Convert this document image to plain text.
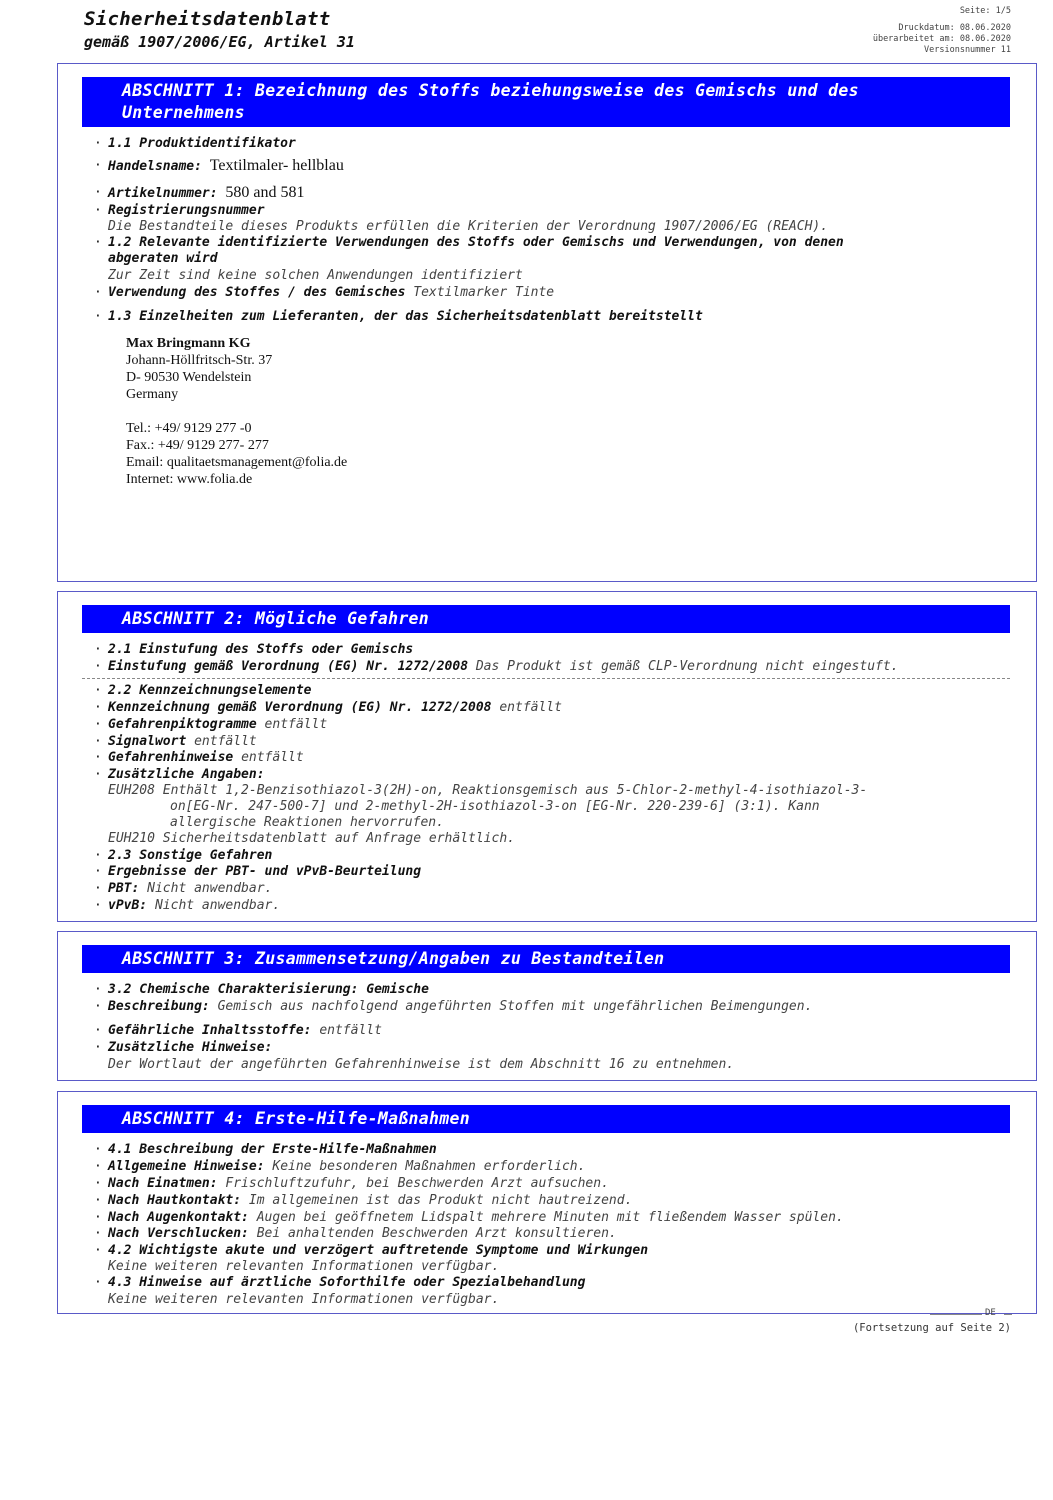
Sicherheitsdatenblatt
gemäß 1907/2006/EG, Artikel 31
Seite: 1/5
Druckdatum: 08.06.2020
überarbeitet am: 08.06.2020
Versionsnummer 11
ABSCHNITT 1: Bezeichnung des Stoffs beziehungsweise des Gemischs und des
Unternehmens
· 1.1 Produktidentifikator
· Handelsname: Textilmaler- hellblau
· Artikelnummer: 580 and 581
· Registrierungsnummer
Die Bestandteile dieses Produkts erfüllen die Kriterien der Verordnung 1907/2006/EG (REACH).
· 1.2 Relevante identifizierte Verwendungen des Stoffs oder Gemischs und Verwendungen, von denen
abgeraten wird
Zur Zeit sind keine solchen Anwendungen identifiziert
· Verwendung des Stoffes / des Gemisches Textilmarker Tinte
· 1.3 Einzelheiten zum Lieferanten, der das Sicherheitsdatenblatt bereitstellt
Max Bringmann KG
Johann-Höllfritsch-Str. 37
D- 90530 Wendelstein
Germany
Tel.: +49/ 9129 277 -0
Fax.: +49/ 9129 277- 277
Email: qualitaetsmanagement@folia.de
Internet: www.folia.de
ABSCHNITT 2: Mögliche Gefahren
· 2.1 Einstufung des Stoffs oder Gemischs
· Einstufung gemäß Verordnung (EG) Nr. 1272/2008 Das Produkt ist gemäß CLP-Verordnung nicht eingestuft.
· 2.2 Kennzeichnungselemente
· Kennzeichnung gemäß Verordnung (EG) Nr. 1272/2008 entfällt
· Gefahrenpiktogramme entfällt
· Signalwort entfällt
· Gefahrenhinweise entfällt
· Zusätzliche Angaben:
EUH208 Enthält 1,2-Benzisothiazol-3(2H)-on, Reaktionsgemisch aus 5-Chlor-2-methyl-4-isothiazol-3-
on[EG-Nr. 247-500-7] und 2-methyl-2H-isothiazol-3-on [EG-Nr. 220-239-6] (3:1). Kann
allergische Reaktionen hervorrufen.
EUH210 Sicherheitsdatenblatt auf Anfrage erhältlich.
· 2.3 Sonstige Gefahren
· Ergebnisse der PBT- und vPvB-Beurteilung
· PBT: Nicht anwendbar.
· vPvB: Nicht anwendbar.
ABSCHNITT 3: Zusammensetzung/Angaben zu Bestandteilen
· 3.2 Chemische Charakterisierung: Gemische
· Beschreibung: Gemisch aus nachfolgend angeführten Stoffen mit ungefährlichen Beimengungen.
· Gefährliche Inhaltsstoffe: entfällt
· Zusätzliche Hinweise:
Der Wortlaut der angeführten Gefahrenhinweise ist dem Abschnitt 16 zu entnehmen.
ABSCHNITT 4: Erste-Hilfe-Maßnahmen
· 4.1 Beschreibung der Erste-Hilfe-Maßnahmen
· Allgemeine Hinweise: Keine besonderen Maßnahmen erforderlich.
· Nach Einatmen: Frischluftzufuhr, bei Beschwerden Arzt aufsuchen.
· Nach Hautkontakt: Im allgemeinen ist das Produkt nicht hautreizend.
· Nach Augenkontakt: Augen bei geöffnetem Lidspalt mehrere Minuten mit fließendem Wasser spülen.
· Nach Verschlucken: Bei anhaltenden Beschwerden Arzt konsultieren.
· 4.2 Wichtigste akute und verzögert auftretende Symptome und Wirkungen
Keine weiteren relevanten Informationen verfügbar.
· 4.3 Hinweise auf ärztliche Soforthilfe oder Spezialbehandlung
Keine weiteren relevanten Informationen verfügbar.
DE
(Fortsetzung auf Seite 2)
